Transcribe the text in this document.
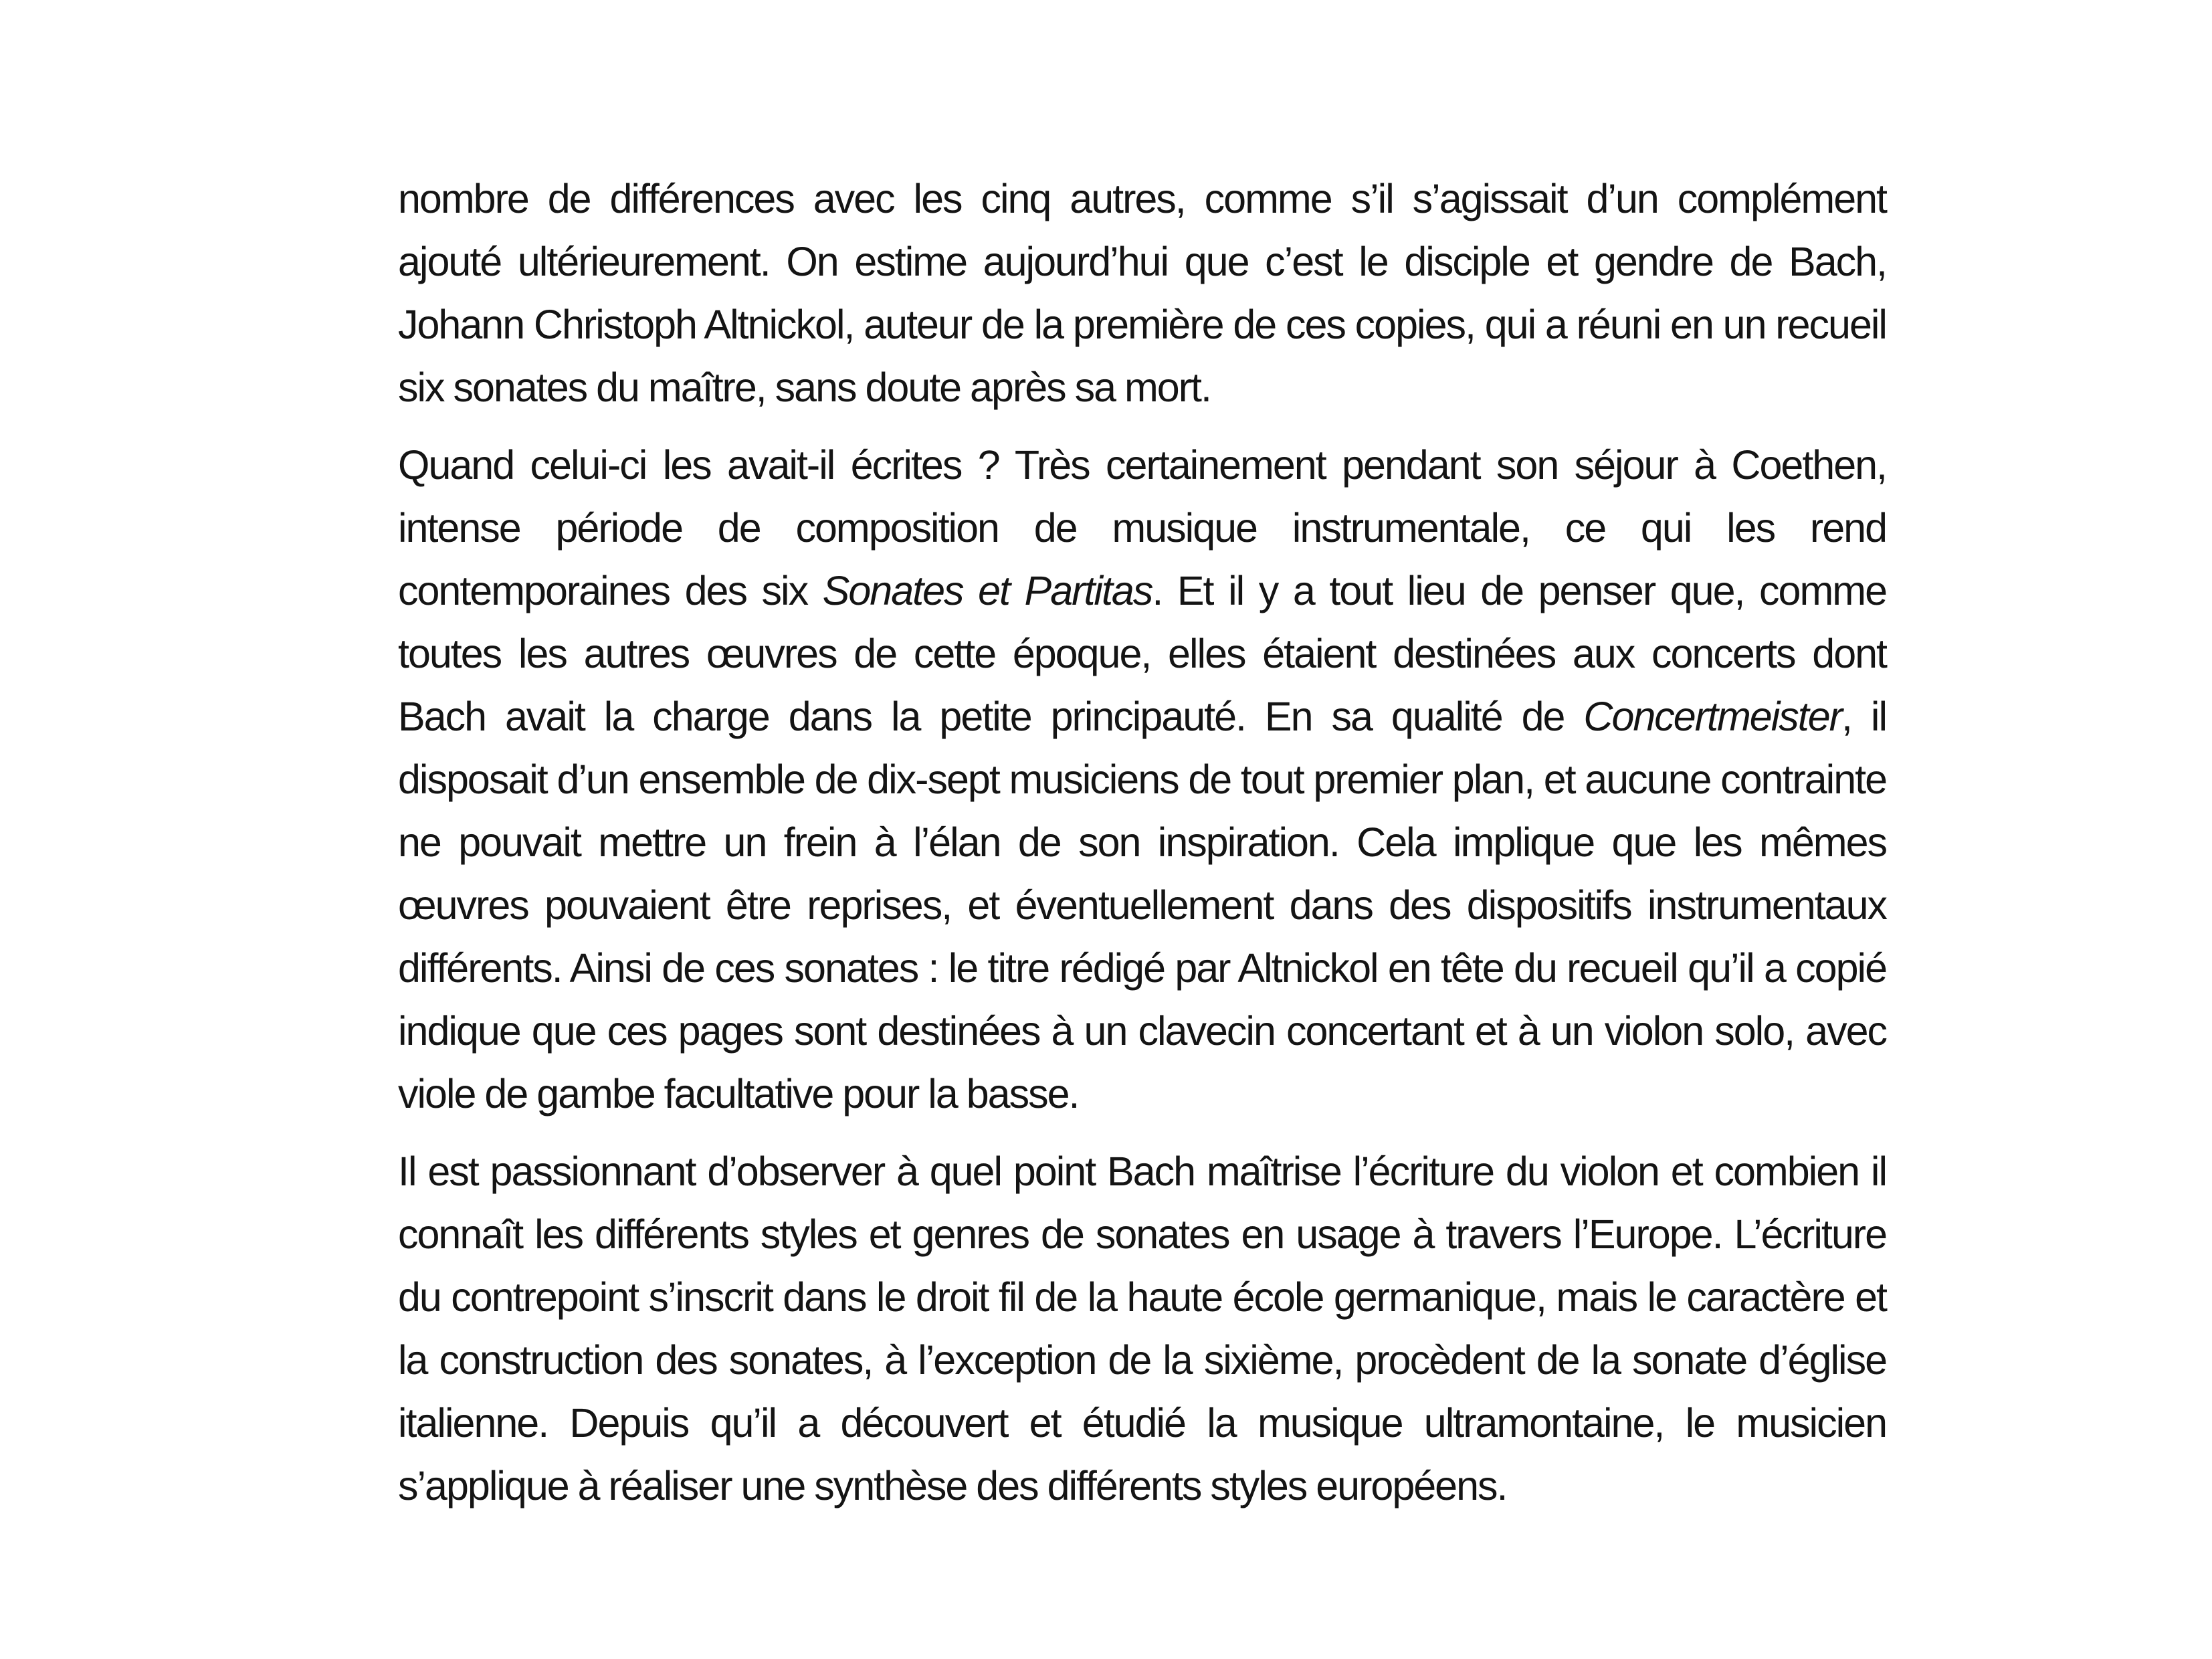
nombre de différences avec les cinq autres, comme s’il s’agissait d’un complément ajouté ultérieurement. On estime aujourd’hui que c’est le disciple et gendre de Bach, Johann Christoph Altnickol, auteur de la première de ces copies, qui a réuni en un recueil six sonates du maître, sans doute après sa mort.

Quand celui-ci les avait-il écrites ? Très certainement pendant son séjour à Coethen, intense période de composition de musique instrumentale, ce qui les rend contemporaines des six Sonates et Partitas. Et il y a tout lieu de penser que, comme toutes les autres œuvres de cette époque, elles étaient destinées aux concerts dont Bach avait la charge dans la petite principauté. En sa qualité de Concertmeister, il disposait d’un ensemble de dix-sept musiciens de tout premier plan, et aucune contrainte ne pouvait mettre un frein à l’élan de son inspiration. Cela implique que les mêmes œuvres pouvaient être reprises, et éventuellement dans des dispositifs instrumentaux différents. Ainsi de ces sonates : le titre rédigé par Altnickol en tête du recueil qu’il a copié indique que ces pages sont destinées à un clavecin concertant et à un violon solo, avec viole de gambe facultative pour la basse.

Il est passionnant d’observer à quel point Bach maîtrise l’écriture du violon et combien il connaît les différents styles et genres de sonates en usage à travers l’Europe. L’écriture du contrepoint s’inscrit dans le droit fil de la haute école germanique, mais le caractère et la construction des sonates, à l’exception de la sixième, procèdent de la sonate d’église italienne. Depuis qu’il a découvert et étudié la musique ultramontaine, le musicien s’applique à réaliser une synthèse des différents styles européens.
